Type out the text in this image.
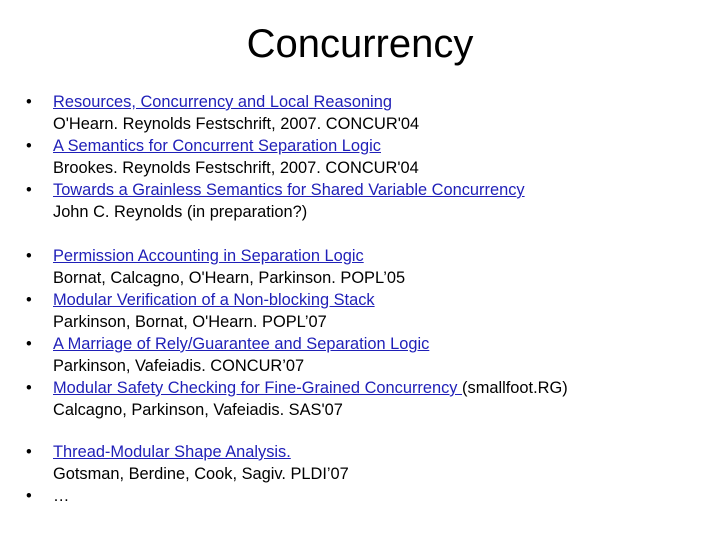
Concurrency
•	Resources, Concurrency and Local Reasoning
O'Hearn. Reynolds Festschrift, 2007. CONCUR'04
•	A Semantics for Concurrent Separation Logic
Brookes. Reynolds Festschrift, 2007. CONCUR'04
•	Towards a Grainless Semantics for Shared Variable Concurrency
John C. Reynolds (in preparation?)
•	Permission Accounting in Separation Logic
Bornat, Calcagno, O'Hearn, Parkinson. POPL’05
•	Modular Verification of a Non-blocking Stack
Parkinson, Bornat, O'Hearn. POPL’07
•	A Marriage of Rely/Guarantee and Separation Logic
Parkinson, Vafeiadis. CONCUR’07
•	Modular Safety Checking for Fine-Grained Concurrency (smallfoot.RG)
Calcagno, Parkinson, Vafeiadis. SAS'07
•	Thread-Modular Shape Analysis.
Gotsman, Berdine, Cook, Sagiv. PLDI’07
•	…
